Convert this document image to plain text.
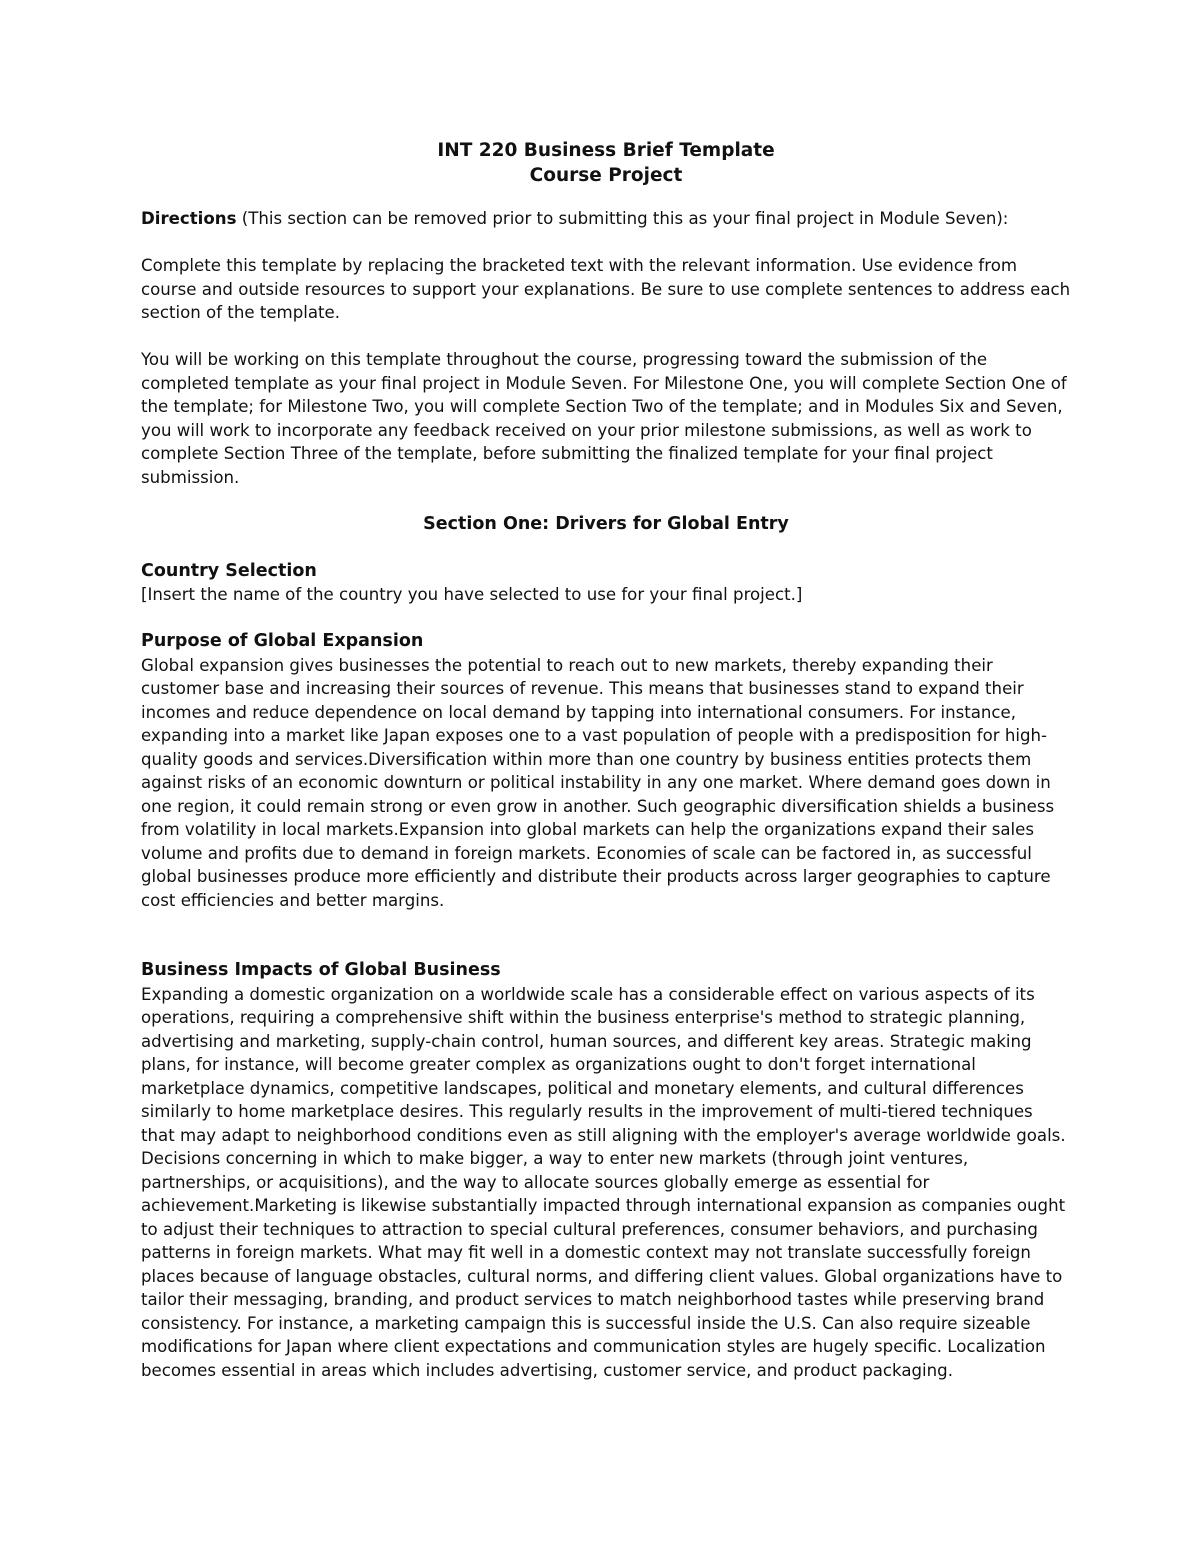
INT 220 Business Brief Template

Course Project

Directions (This section can be removed prior to submitting this as your final project in Module Seven):

Complete this template by replacing the bracketed text with the relevant information. Use evidence from course and outside resources to support your explanations. Be sure to use complete sentences to address each section of the template.

You will be working on this template throughout the course, progressing toward the submission of the completed template as your final project in Module Seven. For Milestone One, you will complete Section One of the template; for Milestone Two, you will complete Section Two of the template; and in Modules Six and Seven, you will work to incorporate any feedback received on your prior milestone submissions, as well as work to complete Section Three of the template, before submitting the finalized template for your final project submission.

Section One: Drivers for Global Entry

Country Selection

[Insert the name of the country you have selected to use for your final project.]

Purpose of Global Expansion

Global expansion gives businesses the potential to reach out to new markets, thereby expanding their customer base and increasing their sources of revenue. This means that businesses stand to expand their incomes and reduce dependence on local demand by tapping into international consumers. For instance, expanding into a market like Japan exposes one to a vast population of people with a predisposition for high-quality goods and services.Diversification within more than one country by business entities protects them against risks of an economic downturn or political instability in any one market. Where demand goes down in one region, it could remain strong or even grow in another. Such geographic diversification shields a business from volatility in local markets.Expansion into global markets can help the organizations expand their sales volume and profits due to demand in foreign markets. Economies of scale can be factored in, as successful global businesses produce more efficiently and distribute their products across larger geographies to capture cost efficiencies and better margins.

Business Impacts of Global Business

Expanding a domestic organization on a worldwide scale has a considerable effect on various aspects of its operations, requiring a comprehensive shift within the business enterprise's method to strategic planning, advertising and marketing, supply-chain control, human sources, and different key areas. Strategic making plans, for instance, will become greater complex as organizations ought to don't forget international marketplace dynamics, competitive landscapes, political and monetary elements, and cultural differences similarly to home marketplace desires. This regularly results in the improvement of multi-tiered techniques that may adapt to neighborhood conditions even as still aligning with the employer's average worldwide goals. Decisions concerning in which to make bigger, a way to enter new markets (through joint ventures, partnerships, or acquisitions), and the way to allocate sources globally emerge as essential for achievement.Marketing is likewise substantially impacted through international expansion as companies ought to adjust their techniques to attraction to special cultural preferences, consumer behaviors, and purchasing patterns in foreign markets. What may fit well in a domestic context may not translate successfully foreign places because of language obstacles, cultural norms, and differing client values. Global organizations have to tailor their messaging, branding, and product services to match neighborhood tastes while preserving brand consistency. For instance, a marketing campaign this is successful inside the U.S. Can also require sizeable modifications for Japan where client expectations and communication styles are hugely specific. Localization becomes essential in areas which includes advertising, customer service, and product packaging.
